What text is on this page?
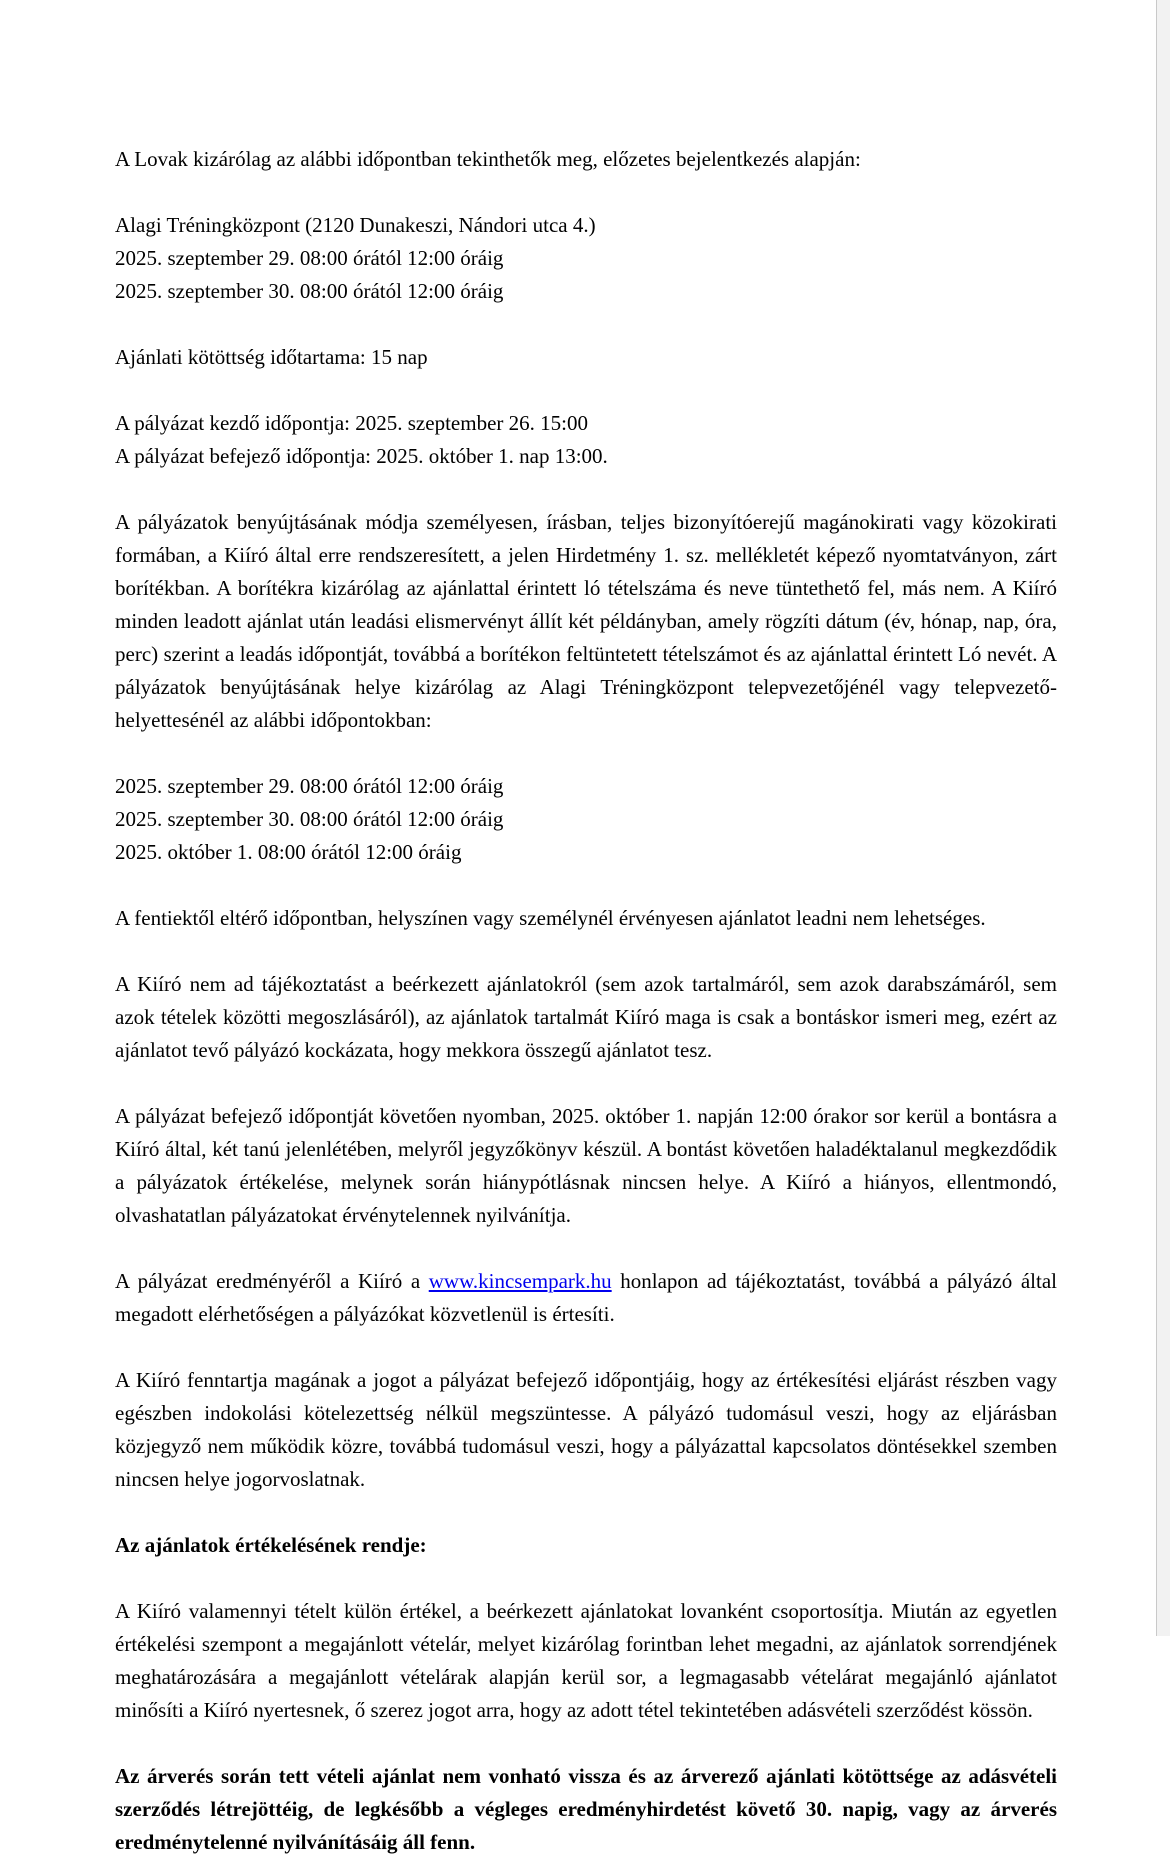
A Lovak kizárólag az alábbi időpontban tekinthetők meg, előzetes bejelentkezés alapján:

Alagi Tréningközpont (2120 Dunakeszi, Nándori utca 4.)
2025. szeptember 29. 08:00 órától 12:00 óráig
2025. szeptember 30. 08:00 órától 12:00 óráig

Ajánlati kötöttség időtartama: 15 nap

A pályázat kezdő időpontja: 2025. szeptember 26. 15:00
A pályázat befejező időpontja: 2025. október 1. nap 13:00.

A pályázatok benyújtásának módja személyesen, írásban, teljes bizonyítóerejű magánokirati vagy közokirati formában, a Kiíró által erre rendszeresített, a jelen Hirdetmény 1. sz. mellékletét képező nyomtatványon, zárt borítékban. A borítékra kizárólag az ajánlattal érintett ló tételszáma és neve tüntethető fel, más nem. A Kiíró minden leadott ajánlat után leadási elismervényt állít két példányban, amely rögzíti dátum (év, hónap, nap, óra, perc) szerint a leadás időpontját, továbbá a borítékon feltüntetett tételszámot és az ajánlattal érintett Ló nevét. A pályázatok benyújtásának helye kizárólag az Alagi Tréningközpont telepvezetőjénél vagy telepvezető-helyettesénél az alábbi időpontokban:

2025. szeptember 29. 08:00 órától 12:00 óráig
2025. szeptember 30. 08:00 órától 12:00 óráig
2025. október 1. 08:00 órától 12:00 óráig

A fentiektől eltérő időpontban, helyszínen vagy személynél érvényesen ajánlatot leadni nem lehetséges.

A Kiíró nem ad tájékoztatást a beérkezett ajánlatokról (sem azok tartalmáról, sem azok darabszámáról, sem azok tételek közötti megoszlásáról), az ajánlatok tartalmát Kiíró maga is csak a bontáskor ismeri meg, ezért az ajánlatot tevő pályázó kockázata, hogy mekkora összegű ajánlatot tesz.

A pályázat befejező időpontját követően nyomban, 2025. október 1. napján 12:00 órakor sor kerül a bontásra a Kiíró által, két tanú jelenlétében, melyről jegyzőkönyv készül. A bontást követően haladéktalanul megkezdődik a pályázatok értékelése, melynek során hiánypótlásnak nincsen helye. A Kiíró a hiányos, ellentmondó, olvashatatlan pályázatokat érvénytelennek nyilvánítja.

A pályázat eredményéről a Kiíró a www.kincsempark.hu honlapon ad tájékoztatást, továbbá a pályázó által megadott elérhetőségen a pályázókat közvetlenül is értesíti.

A Kiíró fenntartja magának a jogot a pályázat befejező időpontjáig, hogy az értékesítési eljárást részben vagy egészben indokolási kötelezettség nélkül megszüntesse. A pályázó tudomásul veszi, hogy az eljárásban közjegyző nem működik közre, továbbá tudomásul veszi, hogy a pályázattal kapcsolatos döntésekkel szemben nincsen helye jogorvoslatnak.

Az ajánlatok értékelésének rendje:

A Kiíró valamennyi tételt külön értékel, a beérkezett ajánlatokat lovanként csoportosítja. Miután az egyetlen értékelési szempont a megajánlott vételár, melyet kizárólag forintban lehet megadni, az ajánlatok sorrendjének meghatározására a megajánlott vételárak alapján kerül sor, a legmagasabb vételárat megajánló ajánlatot minősíti a Kiíró nyertesnek, ő szerez jogot arra, hogy az adott tétel tekintetében adásvételi szerződést kössön.

Az árverés során tett vételi ajánlat nem vonható vissza és az árverező ajánlati kötöttsége az adásvételi szerződés létrejöttéig, de legkésőbb a végleges eredményhirdetést követő 30. napig, vagy az árverés eredménytelenné nyilvánításáig áll fenn.
